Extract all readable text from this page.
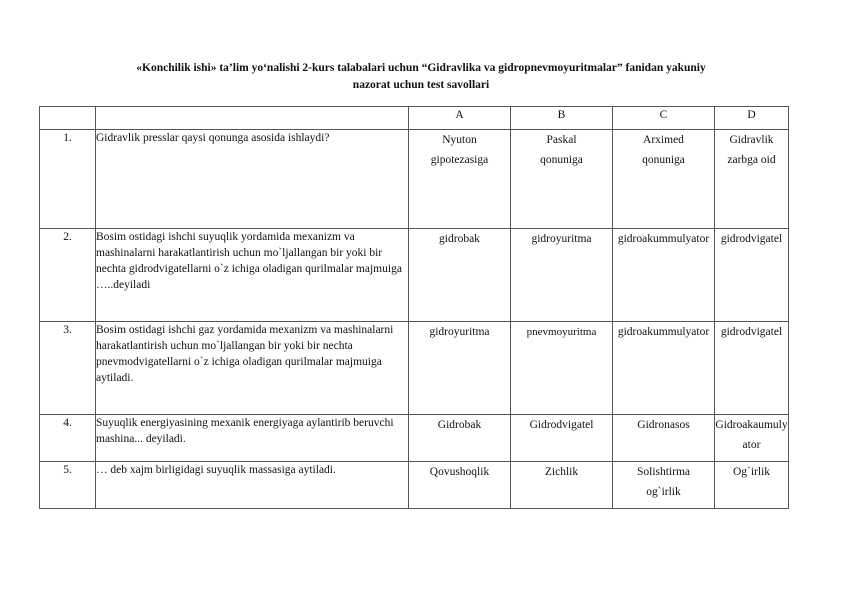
«Konchilik ishi» ta’lim yo‘nalishi 2-kurs talabalari uchun “Gidravlika va gidropnevmoyuritmalar” fanidan yakuniy
nazorat uchun test savollari
		A	B	C	D
1.	Gidravlik presslar qaysi qonunga asosida ishlaydi?	Nyuton gipotezasiga	Paskal qonuniga	Arximed qonuniga	Gidravlik zarbga oid
2.	Bosim ostidagi ishchi suyuqlik yordamida mexanizm va mashinalarni harakatlantirish uchun mo`ljallangan bir yoki bir nechta gidrodvigatellarni o`z ichiga oladigan qurilmalar majmuiga …..deyiladi	gidrobak	gidroyuritma	gidroakummulyator	gidrodvigatel
3.	Bosim ostidagi ishchi gaz yordamida mexanizm va mashinalarni harakatlantirish uchun mo`ljallangan bir yoki bir nechta pnevmodvigatellarni o`z ichiga oladigan qurilmalar majmuiga aytiladi.	gidroyuritma	pnevmoyuritma	gidroakummulyator	gidrodvigatel
4.	Suyuqlik energiyasining mexanik energiyaga aylantirib beruvchi mashina... deyiladi.	Gidrobak	Gidrodvigatel	Gidronasos	Gidroakaumulyator
5.	… deb xajm birligidagi suyuqlik massasiga aytiladi.	Qovushoqlik	Zichlik	Solishtirma og`irlik	Og`irlik
